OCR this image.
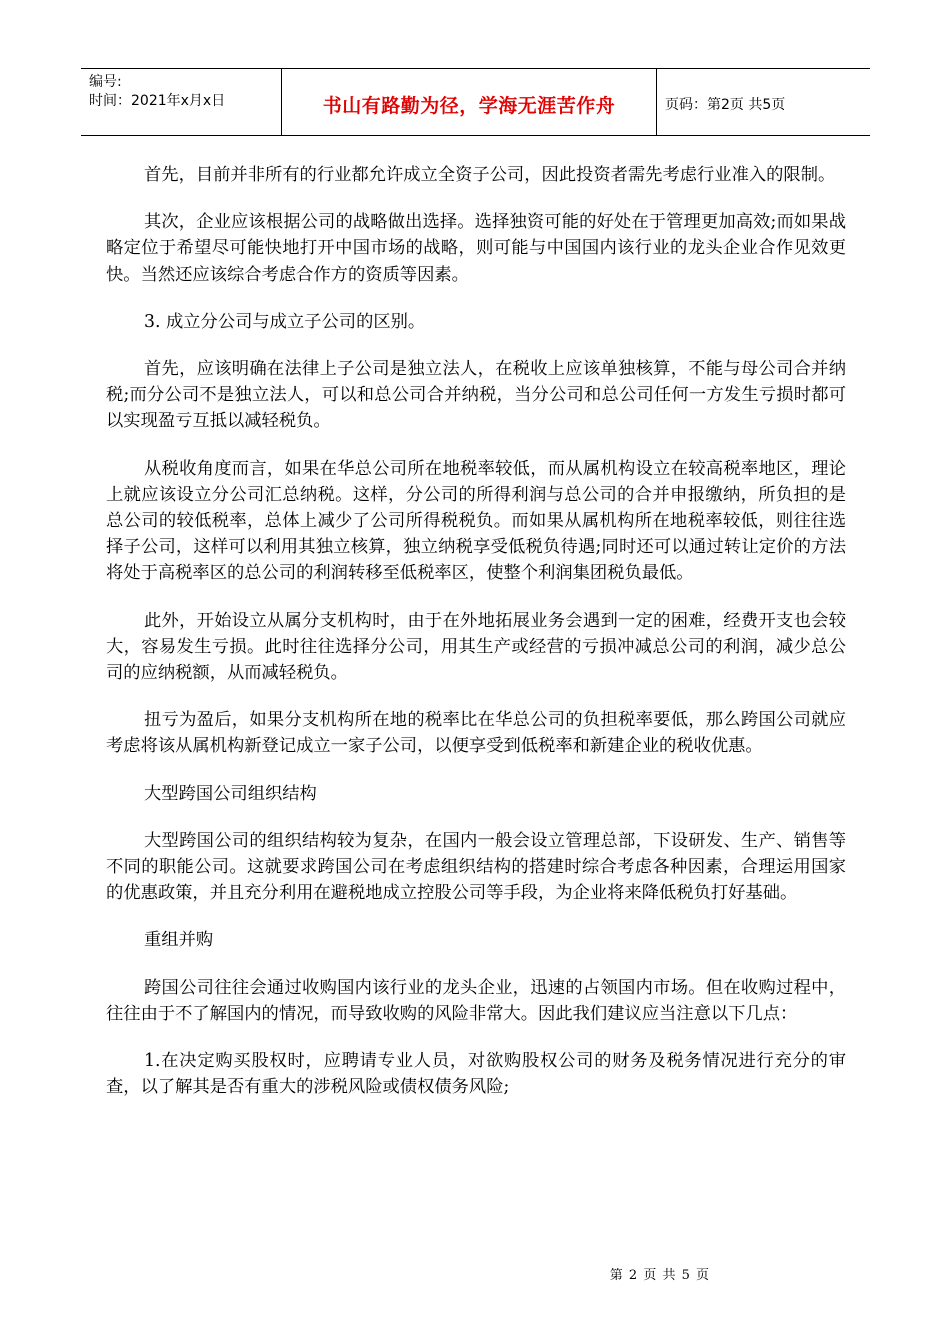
编号:
时间：2021年x月x日	书山有路勤为径，学海无涯苦作舟	页码：第2页 共5页

首先，目前并非所有的行业都允许成立全资子公司，因此投资者需先考虑行业准入的限制。

其次，企业应该根据公司的战略做出选择。选择独资可能的好处在于管理更加高效;而如果战略定位于希望尽可能快地打开中国市场的战略，则可能与中国国内该行业的龙头企业合作见效更快。当然还应该综合考虑合作方的资质等因素。

3. 成立分公司与成立子公司的区别。

首先，应该明确在法律上子公司是独立法人，在税收上应该单独核算，不能与母公司合并纳税;而分公司不是独立法人，可以和总公司合并纳税，当分公司和总公司任何一方发生亏损时都可以实现盈亏互抵以减轻税负。

从税收角度而言，如果在华总公司所在地税率较低，而从属机构设立在较高税率地区，理论上就应该设立分公司汇总纳税。这样，分公司的所得利润与总公司的合并申报缴纳，所负担的是总公司的较低税率，总体上减少了公司所得税税负。而如果从属机构所在地税率较低，则往往选择子公司，这样可以利用其独立核算，独立纳税享受低税负待遇;同时还可以通过转让定价的方法将处于高税率区的总公司的利润转移至低税率区，使整个利润集团税负最低。

此外，开始设立从属分支机构时，由于在外地拓展业务会遇到一定的困难，经费开支也会较大，容易发生亏损。此时往往选择分公司，用其生产或经营的亏损冲减总公司的利润，减少总公司的应纳税额，从而减轻税负。

扭亏为盈后，如果分支机构所在地的税率比在华总公司的负担税率要低，那么跨国公司就应考虑将该从属机构新登记成立一家子公司，以便享受到低税率和新建企业的税收优惠。

大型跨国公司组织结构

大型跨国公司的组织结构较为复杂，在国内一般会设立管理总部，下设研发、生产、销售等不同的职能公司。这就要求跨国公司在考虑组织结构的搭建时综合考虑各种因素，合理运用国家的优惠政策，并且充分利用在避税地成立控股公司等手段，为企业将来降低税负打好基础。

重组并购

跨国公司往往会通过收购国内该行业的龙头企业，迅速的占领国内市场。但在收购过程中，往往由于不了解国内的情况，而导致收购的风险非常大。因此我们建议应当注意以下几点：

1.在决定购买股权时，应聘请专业人员，对欲购股权公司的财务及税务情况进行充分的审查，以了解其是否有重大的涉税风险或债权债务风险;

第 2 页 共 5 页
